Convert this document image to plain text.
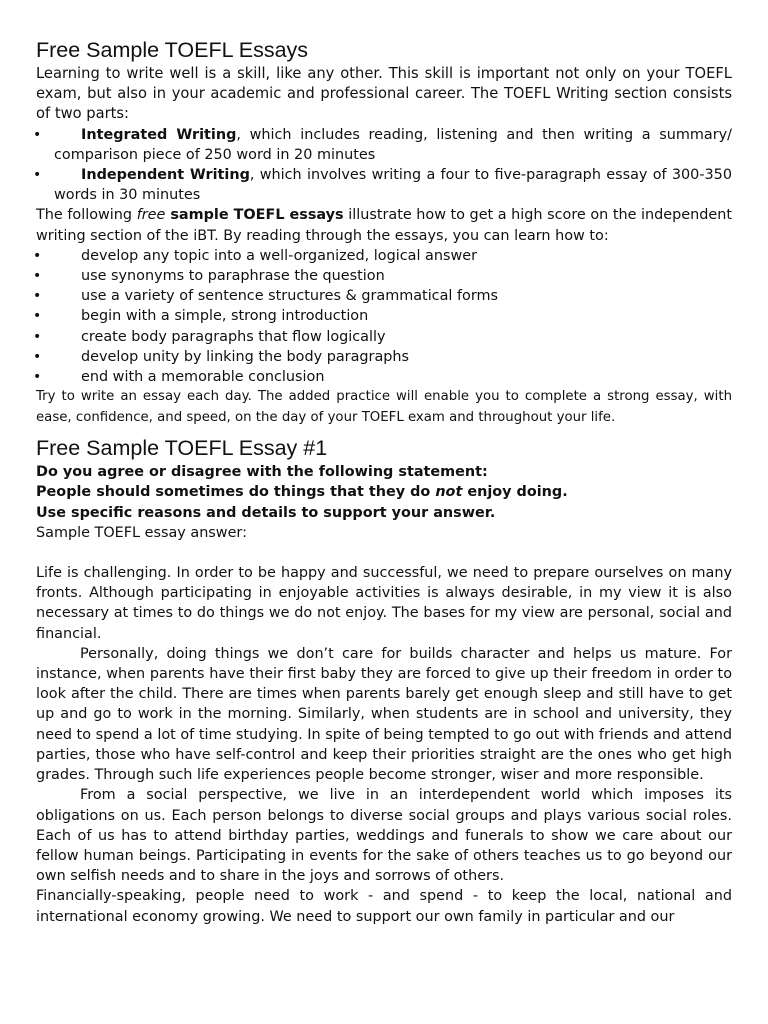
Free Sample TOEFL Essays

Learning to write well is a skill, like any other. This skill is important not only on your TOEFL exam, but also in your academic and professional career. The TOEFL Writing section consists of two parts:

•	Integrated Writing, which includes reading, listening and then writing a summary/ comparison piece of 250 word in 20 minutes
•	Independent Writing, which involves writing a four to five-paragraph essay of 300-350 words in 30 minutes

The following free sample TOEFL essays illustrate how to get a high score on the independent writing section of the iBT. By reading through the essays, you can learn how to:

•	develop any topic into a well-organized, logical answer
•	use synonyms to paraphrase the question
•	use a variety of sentence structures & grammatical forms
•	begin with a simple, strong introduction
•	create body paragraphs that flow logically
•	develop unity by linking the body paragraphs
•	end with a memorable conclusion

Try to write an essay each day. The added practice will enable you to complete a strong essay, with ease, confidence, and speed, on the day of your TOEFL exam and throughout your life.

Free Sample TOEFL Essay #1

Do you agree or disagree with the following statement:

People should sometimes do things that they do not enjoy doing.

Use specific reasons and details to support your answer.

Sample TOEFL essay answer:

Life is challenging. In order to be happy and successful, we need to prepare ourselves on many fronts. Although participating in enjoyable activities is always desirable, in my view it is also necessary at times to do things we do not enjoy. The bases for my view are personal, social and financial.

Personally, doing things we don’t care for builds character and helps us mature. For instance, when parents have their first baby they are forced to give up their freedom in order to look after the child. There are times when parents barely get enough sleep and still have to get up and go to work in the morning. Similarly, when students are in school and university, they need to spend a lot of time studying. In spite of being tempted to go out with friends and attend parties, those who have self-control and keep their priorities straight are the ones who get high grades. Through such life experiences people become stronger, wiser and more responsible.

From a social perspective, we live in an interdependent world which imposes its obligations on us. Each person belongs to diverse social groups and plays various social roles. Each of us has to attend birthday parties, weddings and funerals to show we care about our fellow human beings. Participating in events for the sake of others teaches us to go beyond our own selfish needs and to share in the joys and sorrows of others.

Financially-speaking, people need to work - and spend - to keep the local, national and international economy growing. We need to support our own family in particular and our
